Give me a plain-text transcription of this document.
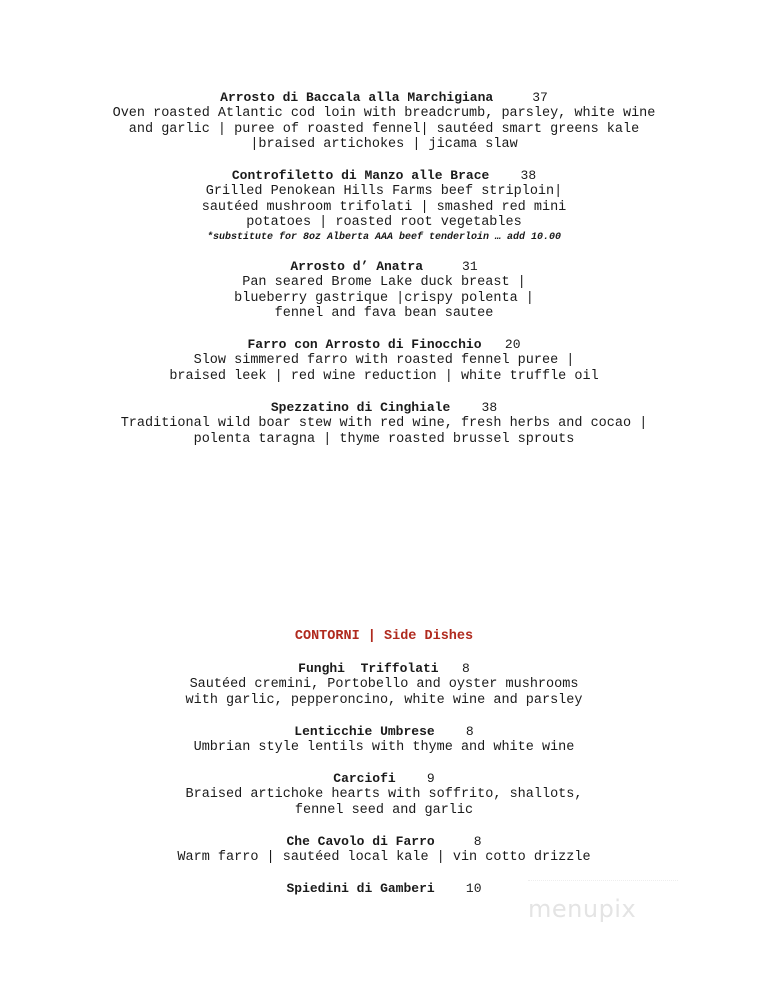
Arrosto di Baccala alla Marchigiana	37
Oven roasted Atlantic cod loin with breadcrumb, parsley, white wine
and garlic | puree of roasted fennel| sautéed smart greens kale
|braised artichokes | jicama slaw
Controfiletto di Manzo alle Brace 38
Grilled Penokean Hills Farms beef striploin|
sautéed mushroom trifolati | smashed red mini
potatoes | roasted root vegetables
*substitute for 8oz Alberta AAA beef tenderloin … add 10.00
Arrosto d’ Anatra	31
Pan seared Brome Lake duck breast |
blueberry gastrique |crispy polenta |
fennel and fava bean sautee
Farro con Arrosto di Finocchio 20
Slow simmered farro with roasted fennel puree |
braised leek | red wine reduction | white truffle oil
Spezzatino di Cinghiale 38
Traditional wild boar stew with red wine, fresh herbs and cocao |
polenta taragna | thyme roasted brussel sprouts
CONTORNI | Side Dishes
Funghi  Triffolati 8
Sautéed cremini, Portobello and oyster mushrooms
with garlic, pepperoncino, white wine and parsley
Lenticchie Umbrese 8
Umbrian style lentils with thyme and white wine
Carciofi 9
Braised artichoke hearts with soffrito, shallots,
fennel seed and garlic
Che Cavolo di Farro	8
Warm farro | sautéed local kale | vin cotto drizzle
Spiedini di Gamberi 10
menupix
